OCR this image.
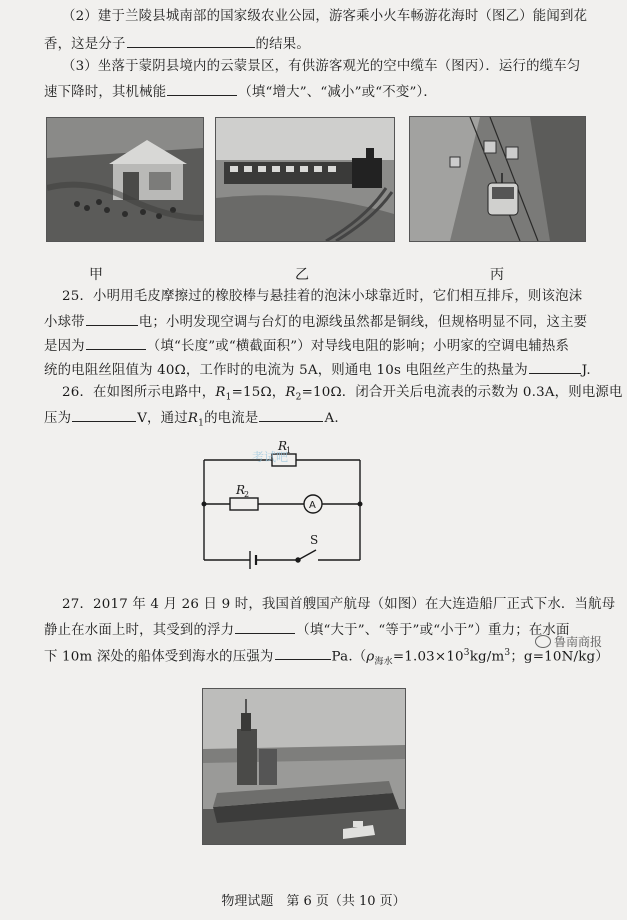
（2）建于兰陵县城南部的国家级农业公园，游客乘小火车畅游花海时（图乙）能闻到花
香，这是分子	的结果。
（3）坐落于蒙阴县境内的云蒙景区，有供游客观光的空中缆车（图丙）．运行的缆车匀
速下降时，其机械能	（填“增大”、“减小”或“不变”）．
甲	乙	丙
25．小明用毛皮摩擦过的橡胶棒与悬挂着的泡沫小球靠近时，它们相互排斥，则该泡沫
小球带	电；小明发现空调与台灯的电源线虽然都是铜线，但规格明显不同，这主要
是因为	（填“长度”或“横截面积”）对导线电阻的影响；小明家的空调电辅热系
统的电阻丝阻值为 40Ω，工作时的电流为 5A，则通电 10s 电阻丝产生的热量为	J.
26．在如图所示电路中，$R_1=15\Omega$，$R_2=10\Omega$．闭合开关后电流表的示数为 0.3A，则电源电
压为	V，通过$R_1$的电流是	A.
R
1
R
2
A
S
考试吧
27．2017 年 4 月 26 日 9 时，我国首艘国产航母（如图）在大连造船厂正式下水．当航母
静止在水面上时，其受到的浮力	（填“大于”、“等于”或“小于”）重力；在水面
下 10m 深处的船体受到海水的压强为	$Pa.(\rho_{海水}=1.03\times 10^3kg/m^3$；g=10N/kg）
鲁南商报
物理试题　第 6 页（共 10 页）
